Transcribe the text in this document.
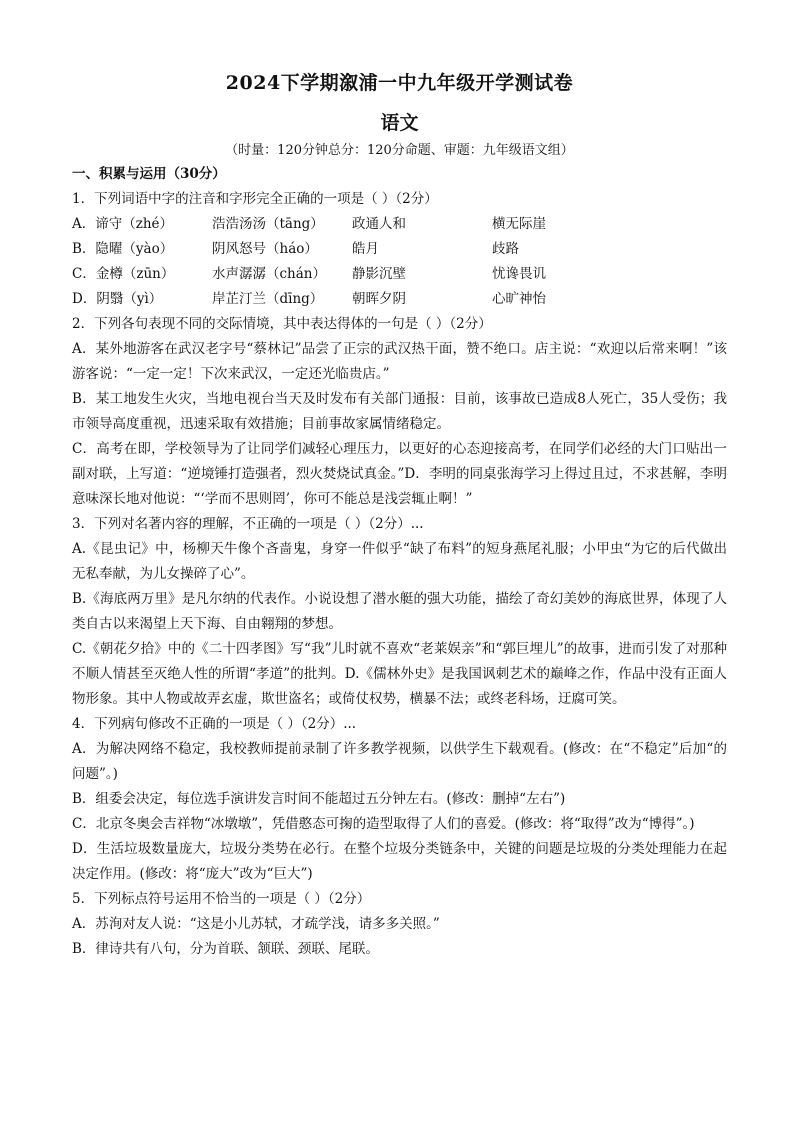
2024下学期溆浦一中九年级开学测试卷
语文
（时量：120分钟总分：120分命题、审题：九年级语文组）
一、积累与运用（30分）
1．下列词语中字的注音和字形完全正确的一项是（ ）（2分）
A．谛守（zhé）	浩浩汤汤（tāng）	政通人和	横无际崖
B．隐曜（yào）	阴风怒号（háo）	皓月	歧路
C．金樽（zūn）	水声潺潺（chán）	静影沉壁	忧谗畏讥
D．阴翳（yì）	岸芷汀兰（dīng）	朝晖夕阴	心旷神怡
2．下列各句表现不同的交际情境，其中表达得体的一句是（ ）（2分）
A．某外地游客在武汉老字号“蔡林记”品尝了正宗的武汉热干面，赞不绝口。店主说：“欢迎以后常来啊！”该游客说：“一定一定！下次来武汉，一定还光临贵店。”
B．某工地发生火灾，当地电视台当天及时发布有关部门通报：目前，该事故已造成8人死亡，35人受伤；我市领导高度重视，迅速采取有效措施；目前事故家属情绪稳定。
C．高考在即，学校领导为了让同学们减轻心理压力，以更好的心态迎接高考，在同学们必经的大门口贴出一副对联，上写道：“逆境锤打造强者，烈火焚烧试真金。”D．李明的同桌张海学习上得过且过，不求甚解，李明意味深长地对他说：“‘学而不思则罔’，你可不能总是浅尝辄止啊！”
3．下列对名著内容的理解，不正确的一项是（ ）（2分）...
A.《昆虫记》中，杨柳天牛像个吝啬鬼，身穿一件似乎“缺了布料”的短身燕尾礼服；小甲虫“为它的后代做出无私奉献，为儿女操碎了心”。
B.《海底两万里》是凡尔纳的代表作。小说设想了潜水艇的强大功能，描绘了奇幻美妙的海底世界，体现了人类自古以来渴望上天下海、自由翱翔的梦想。
C.《朝花夕拾》中的《二十四孝图》写“我”儿时就不喜欢“老莱娱亲”和“郭巨埋儿”的故事，进而引发了对那种不顺人情甚至灭绝人性的所谓“孝道”的批判。D.《儒林外史》是我国讽刺艺术的巅峰之作，作品中没有正面人物形象。其中人物或故弄玄虚，欺世盗名；或倚仗权势，横暴不法；或终老科场，迂腐可笑。
4．下列病句修改不正确的一项是（ ）（2分）...
A．为解决网络不稳定，我校教师提前录制了许多教学视频，以供学生下载观看。(修改：在“不稳定”后加“的问题”。)
B．组委会决定，每位选手演讲发言时间不能超过五分钟左右。(修改：删掉“左右”)
C．北京冬奥会吉祥物“冰墩墩”，凭借憨态可掬的造型取得了人们的喜爱。(修改：将“取得”改为“博得”。)
D．生活垃圾数量庞大，垃圾分类势在必行。在整个垃圾分类链条中，关键的问题是垃圾的分类处理能力在起决定作用。(修改：将“庞大”改为“巨大”)
5．下列标点符号运用不恰当的一项是（ ）（2分）
A．苏洵对友人说：“这是小儿苏轼，才疏学浅，请多多关照。”
B．律诗共有八句，分为首联、颔联、颈联、尾联。
